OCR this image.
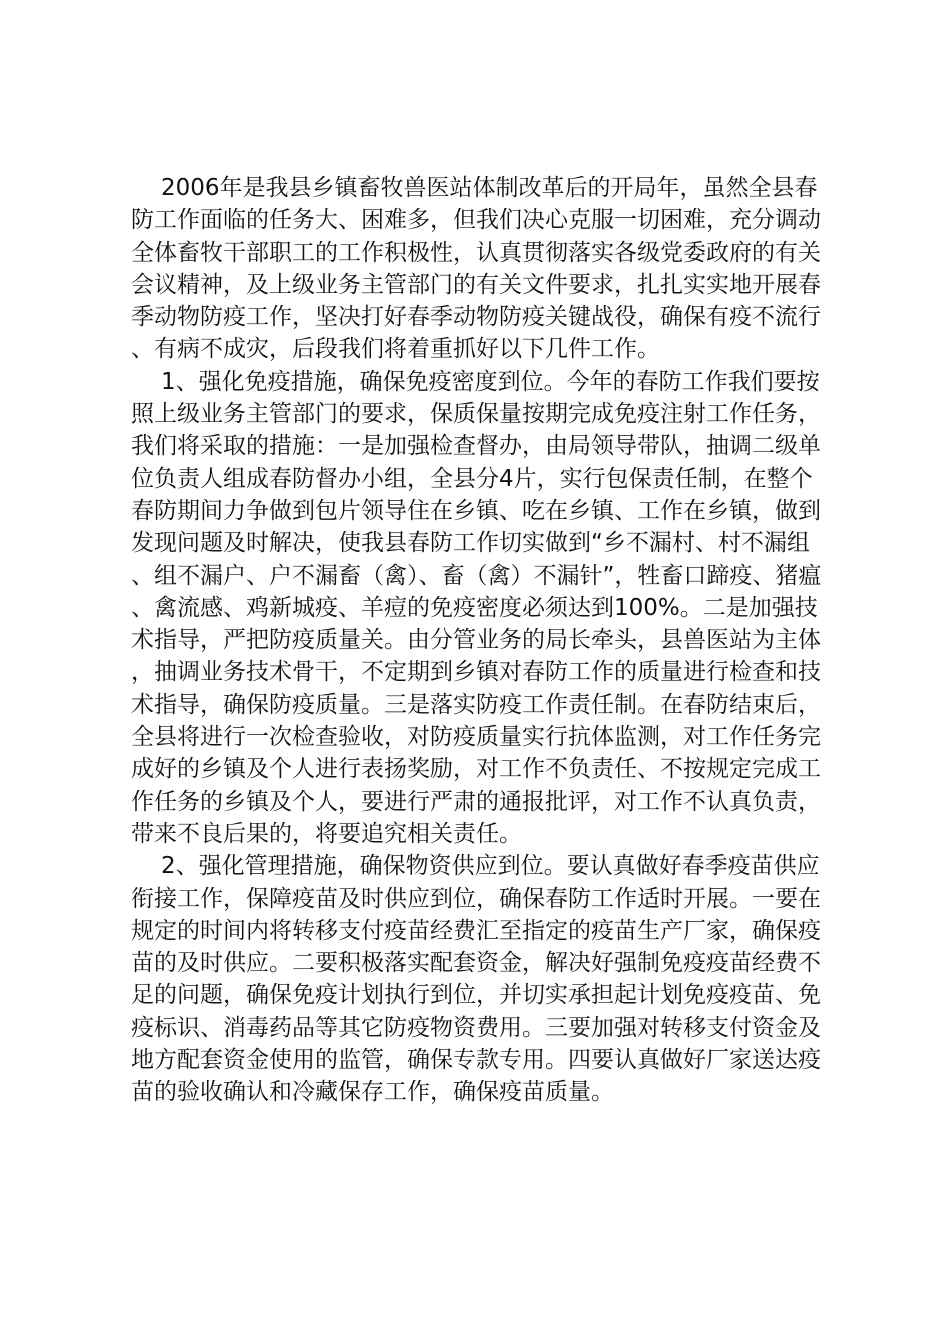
2006年是我县乡镇畜牧兽医站体制改革后的开局年，虽然全县春防工作面临的任务大、困难多，但我们决心克服一切困难，充分调动全体畜牧干部职工的工作积极性，认真贯彻落实各级党委政府的有关会议精神，及上级业务主管部门的有关文件要求，扎扎实实地开展春季动物防疫工作，坚决打好春季动物防疫关键战役，确保有疫不流行、有病不成灾，后段我们将着重抓好以下几件工作。

1、强化免疫措施，确保免疫密度到位。今年的春防工作我们要按照上级业务主管部门的要求，保质保量按期完成免疫注射工作任务，我们将采取的措施：一是加强检查督办，由局领导带队，抽调二级单位负责人组成春防督办小组，全县分4片，实行包保责任制，在整个春防期间力争做到包片领导住在乡镇、吃在乡镇、工作在乡镇，做到发现问题及时解决，使我县春防工作切实做到“乡不漏村、村不漏组、组不漏户、户不漏畜（禽）、畜（禽）不漏针”，牲畜口蹄疫、猪瘟、禽流感、鸡新城疫、羊痘的免疫密度必须达到100%。二是加强技术指导，严把防疫质量关。由分管业务的局长牵头，县兽医站为主体，抽调业务技术骨干，不定期到乡镇对春防工作的质量进行检查和技术指导，确保防疫质量。三是落实防疫工作责任制。在春防结束后，全县将进行一次检查验收，对防疫质量实行抗体监测，对工作任务完成好的乡镇及个人进行表扬奖励，对工作不负责任、不按规定完成工作任务的乡镇及个人，要进行严肃的通报批评，对工作不认真负责，带来不良后果的，将要追究相关责任。

2、强化管理措施，确保物资供应到位。要认真做好春季疫苗供应衔接工作，保障疫苗及时供应到位，确保春防工作适时开展。一要在规定的时间内将转移支付疫苗经费汇至指定的疫苗生产厂家，确保疫苗的及时供应。二要积极落实配套资金，解决好强制免疫疫苗经费不足的问题，确保免疫计划执行到位，并切实承担起计划免疫疫苗、免疫标识、消毒药品等其它防疫物资费用。三要加强对转移支付资金及地方配套资金使用的监管，确保专款专用。四要认真做好厂家送达疫苗的验收确认和冷藏保存工作，确保疫苗质量。
